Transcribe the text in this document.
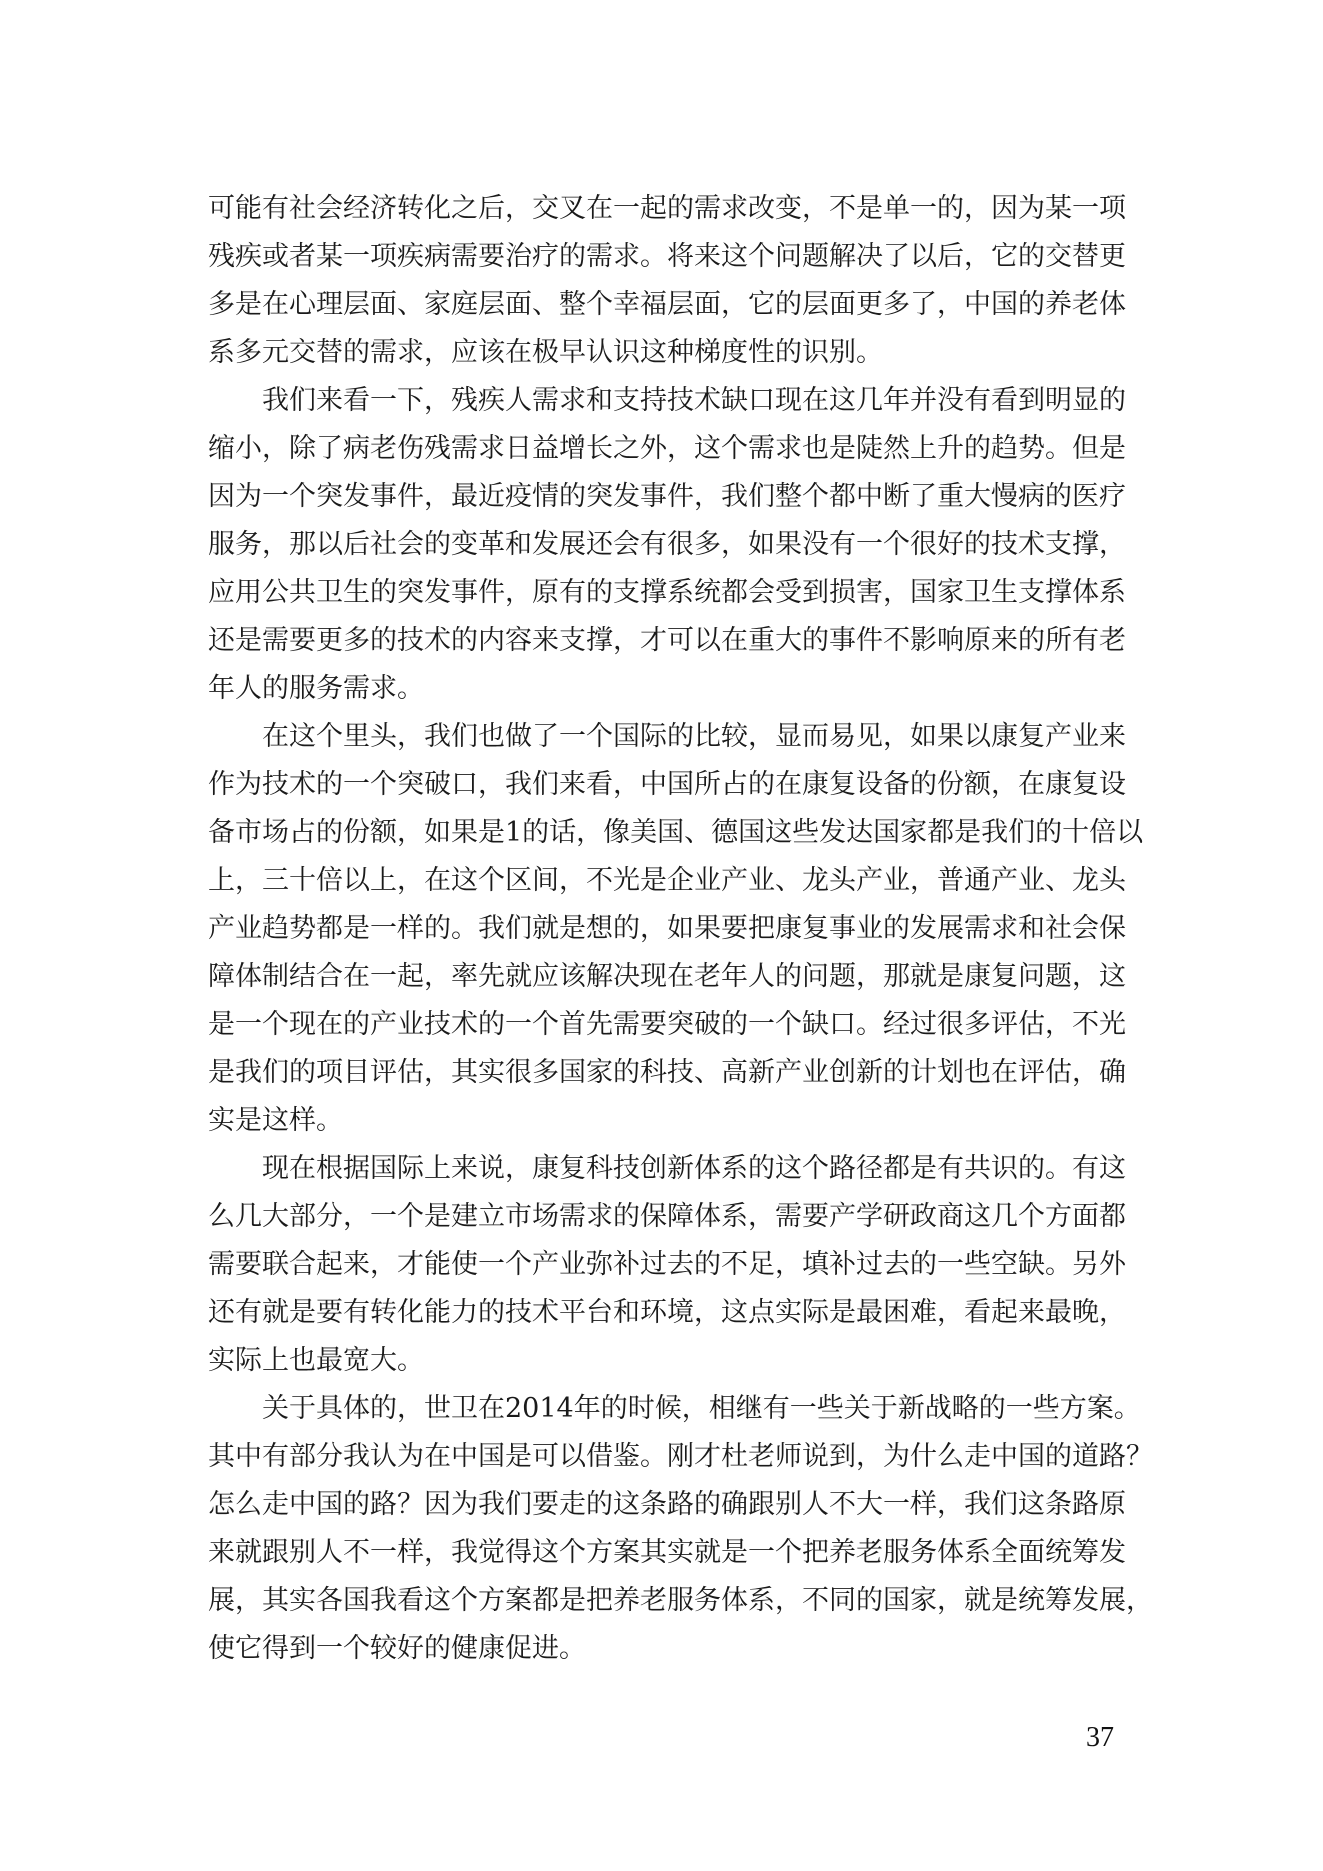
可能有社会经济转化之后，交叉在一起的需求改变，不是单一的，因为某一项
残疾或者某一项疾病需要治疗的需求。将来这个问题解决了以后，它的交替更
多是在心理层面、家庭层面、整个幸福层面，它的层面更多了，中国的养老体
系多元交替的需求，应该在极早认识这种梯度性的识别。

我们来看一下，残疾人需求和支持技术缺口现在这几年并没有看到明显的
缩小，除了病老伤残需求日益增长之外，这个需求也是陡然上升的趋势。但是
因为一个突发事件，最近疫情的突发事件，我们整个都中断了重大慢病的医疗
服务，那以后社会的变革和发展还会有很多，如果没有一个很好的技术支撑，
应用公共卫生的突发事件，原有的支撑系统都会受到损害，国家卫生支撑体系
还是需要更多的技术的内容来支撑，才可以在重大的事件不影响原来的所有老
年人的服务需求。

在这个里头，我们也做了一个国际的比较，显而易见，如果以康复产业来
作为技术的一个突破口，我们来看，中国所占的在康复设备的份额，在康复设
备市场占的份额，如果是1的话，像美国、德国这些发达国家都是我们的十倍以
上，三十倍以上，在这个区间，不光是企业产业、龙头产业，普通产业、龙头
产业趋势都是一样的。我们就是想的，如果要把康复事业的发展需求和社会保
障体制结合在一起，率先就应该解决现在老年人的问题，那就是康复问题，这
是一个现在的产业技术的一个首先需要突破的一个缺口。经过很多评估，不光
是我们的项目评估，其实很多国家的科技、高新产业创新的计划也在评估，确
实是这样。

现在根据国际上来说，康复科技创新体系的这个路径都是有共识的。有这
么几大部分，一个是建立市场需求的保障体系，需要产学研政商这几个方面都
需要联合起来，才能使一个产业弥补过去的不足，填补过去的一些空缺。另外
还有就是要有转化能力的技术平台和环境，这点实际是最困难，看起来最晚，
实际上也最宽大。

关于具体的，世卫在2014年的时候，相继有一些关于新战略的一些方案。
其中有部分我认为在中国是可以借鉴。刚才杜老师说到，为什么走中国的道路？
怎么走中国的路？因为我们要走的这条路的确跟别人不大一样，我们这条路原
来就跟别人不一样，我觉得这个方案其实就是一个把养老服务体系全面统筹发
展，其实各国我看这个方案都是把养老服务体系，不同的国家，就是统筹发展，
使它得到一个较好的健康促进。

37
